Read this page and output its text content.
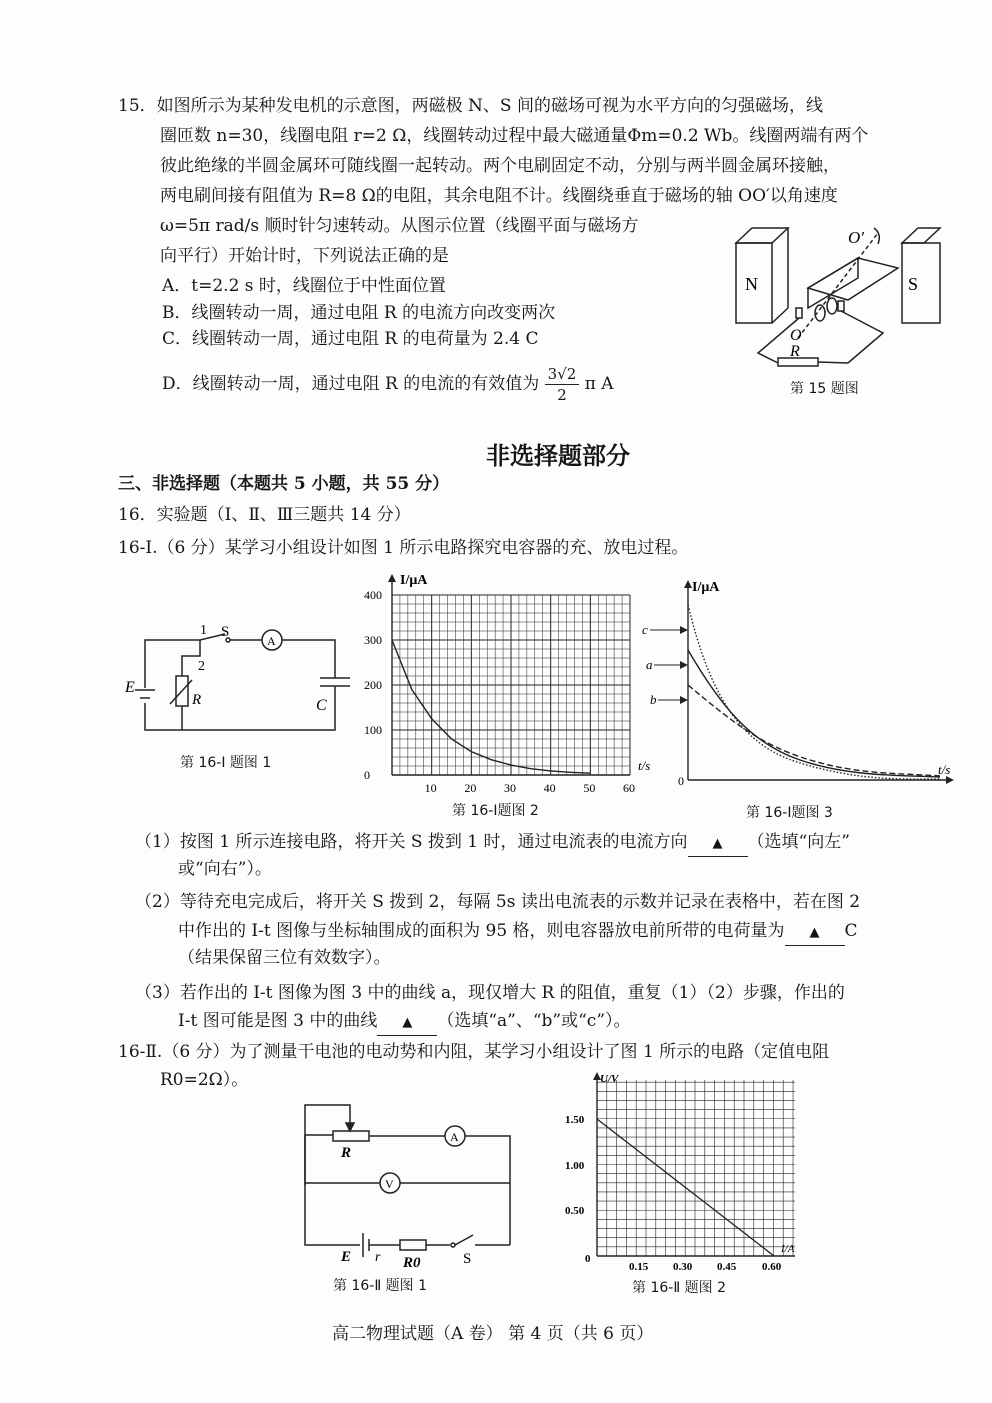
15．如图所示为某种发电机的示意图，两磁极 N、S 间的磁场可视为水平方向的匀强磁场，线
圈匝数 n=30，线圈电阻 r=2 Ω，线圈转动过程中最大磁通量Φm=0.2 Wb。线圈两端有两个
彼此绝缘的半圆金属环可随线圈一起转动。两个电刷固定不动，分别与两半圆金属环接触，
两电刷间接有阻值为 R=8 Ω的电阻，其余电阻不计。线圈绕垂直于磁场的轴 OO′以角速度
ω=5π rad/s 顺时针匀速转动。从图示位置（线圈平面与磁场方
向平行）开始计时，下列说法正确的是
A．t=2.2 s 时，线圈位于中性面位置
B．线圈转动一周，通过电阻 R 的电流方向改变两次
C．线圈转动一周，通过电阻 R 的电荷量为 2.4 C
D．线圈转动一周，通过电阻 R 的电流的有效值为 $\frac{3√2}{2}$ π A
N	S
O′
O
R
第 15 题图
非选择题部分
三、非选择题（本题共 5 小题，共 55 分）
16．实验题（Ⅰ、Ⅱ、Ⅲ三题共 14 分）
16-Ⅰ.（6 分）某学习小组设计如图 1 所示电路探究电容器的充、放电过程。
1
2
S
A
E
R	C
第 16-Ⅰ 题图 1
I/μA
t/s
400
300
200
100
0
10 20 30 40 50 60
第 16-Ⅰ题图 2
c
a
b
I/μA
t/s
0
第 16-Ⅰ题图 3
（1）按图 1 所示连接电路，将开关 S 拨到 1 时，通过电流表的电流方向 ▲ （选填“向左”
或“向右”）。
（2）等待充电完成后，将开关 S 拨到 2，每隔 5s 读出电流表的示数并记录在表格中，若在图 2
中作出的 I-t 图像与坐标轴围成的面积为 95 格，则电容器放电前所带的电荷量为 ▲ C
（结果保留三位有效数字）。
（3）若作出的 I-t 图像为图 3 中的曲线 a，现仅增大 R 的阻值，重复（1）（2）步骤，作出的
I-t 图可能是图 3 中的曲线 ▲ （选填“a”、“b”或“c”）。
16-Ⅱ.（6 分）为了测量干电池的电动势和内阻，某学习小组设计了图 1 所示的电路（定值电阻
R0=2Ω）。
R
A
V
E r R0	S
第 16-Ⅱ 题图 1
U/V
I/A
1.50
1.00
0.50
0
0.15 0.30 0.45 0.60
第 16-Ⅱ 题图 2
高二物理试题（A 卷） 第 4 页（共 6 页）
